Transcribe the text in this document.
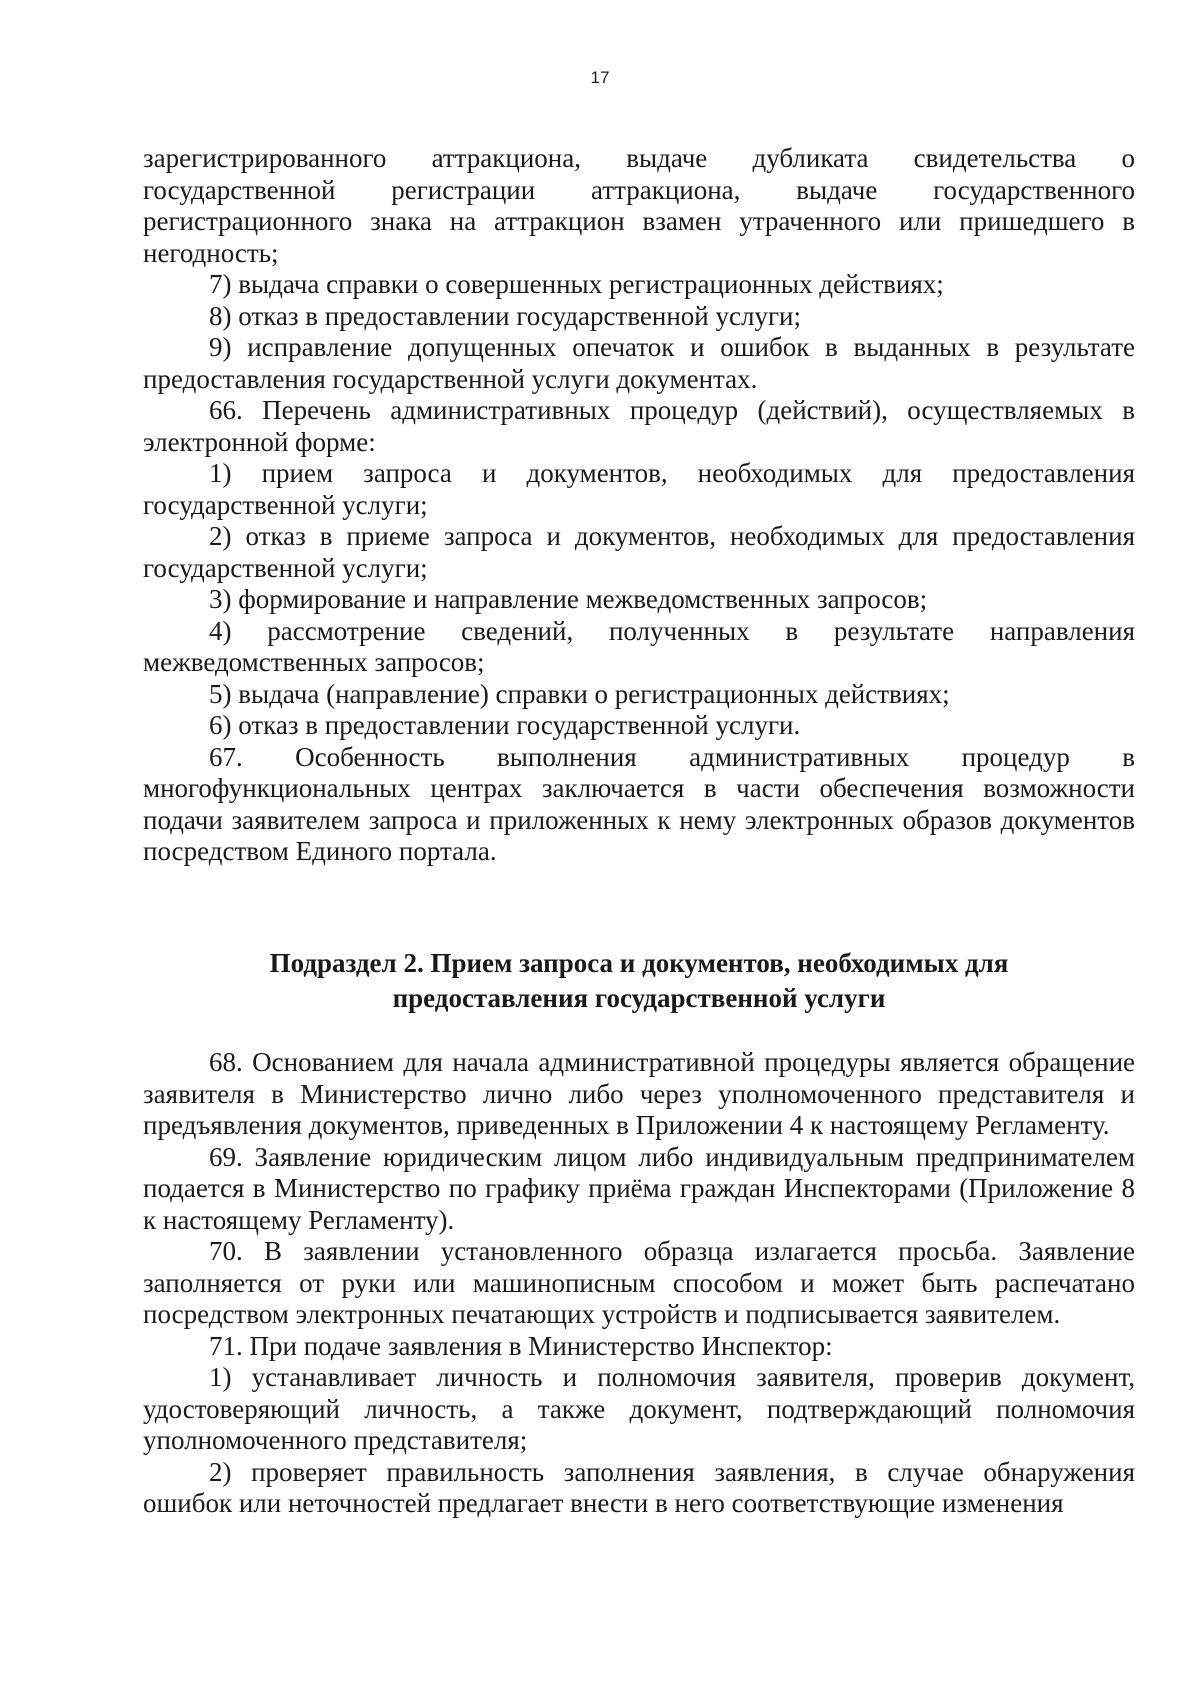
17

зарегистрированного аттракциона, выдаче дубликата свидетельства о государственной регистрации аттракциона, выдаче государственного регистрационного знака на аттракцион взамен утраченного или пришедшего в негодность;

7) выдача справки о совершенных регистрационных действиях;

8) отказ в предоставлении государственной услуги;

9) исправление допущенных опечаток и ошибок в выданных в результате предоставления государственной услуги документах.

66. Перечень административных процедур (действий), осуществляемых в электронной форме:

1) прием запроса и документов, необходимых для предоставления государственной услуги;

2) отказ в приеме запроса и документов, необходимых для предоставления государственной услуги;

3) формирование и направление межведомственных запросов;

4) рассмотрение сведений, полученных в результате направления межведомственных запросов;

5) выдача (направление) справки о регистрационных действиях;

6) отказ в предоставлении государственной услуги.

67. Особенность выполнения административных процедур в многофункциональных центрах заключается в части обеспечения возможности подачи заявителем запроса и приложенных к нему электронных образов документов посредством Единого портала.

Подраздел 2. Прием запроса и документов, необходимых для
предоставления государственной услуги

68. Основанием для начала административной процедуры является обращение заявителя в Министерство лично либо через уполномоченного представителя и предъявления документов, приведенных в Приложении 4 к настоящему Регламенту.

69. Заявление юридическим лицом либо индивидуальным предпринимателем подается в Министерство по графику приёма граждан Инспекторами (Приложение 8 к настоящему Регламенту).

70. В заявлении установленного образца излагается просьба. Заявление заполняется от руки или машинописным способом и может быть распечатано посредством электронных печатающих устройств и подписывается заявителем.

71. При подаче заявления в Министерство Инспектор:

1) устанавливает личность и полномочия заявителя, проверив документ, удостоверяющий личность, а также документ, подтверждающий полномочия уполномоченного представителя;

2) проверяет правильность заполнения заявления, в случае обнаружения ошибок или неточностей предлагает внести в него соответствующие изменения
